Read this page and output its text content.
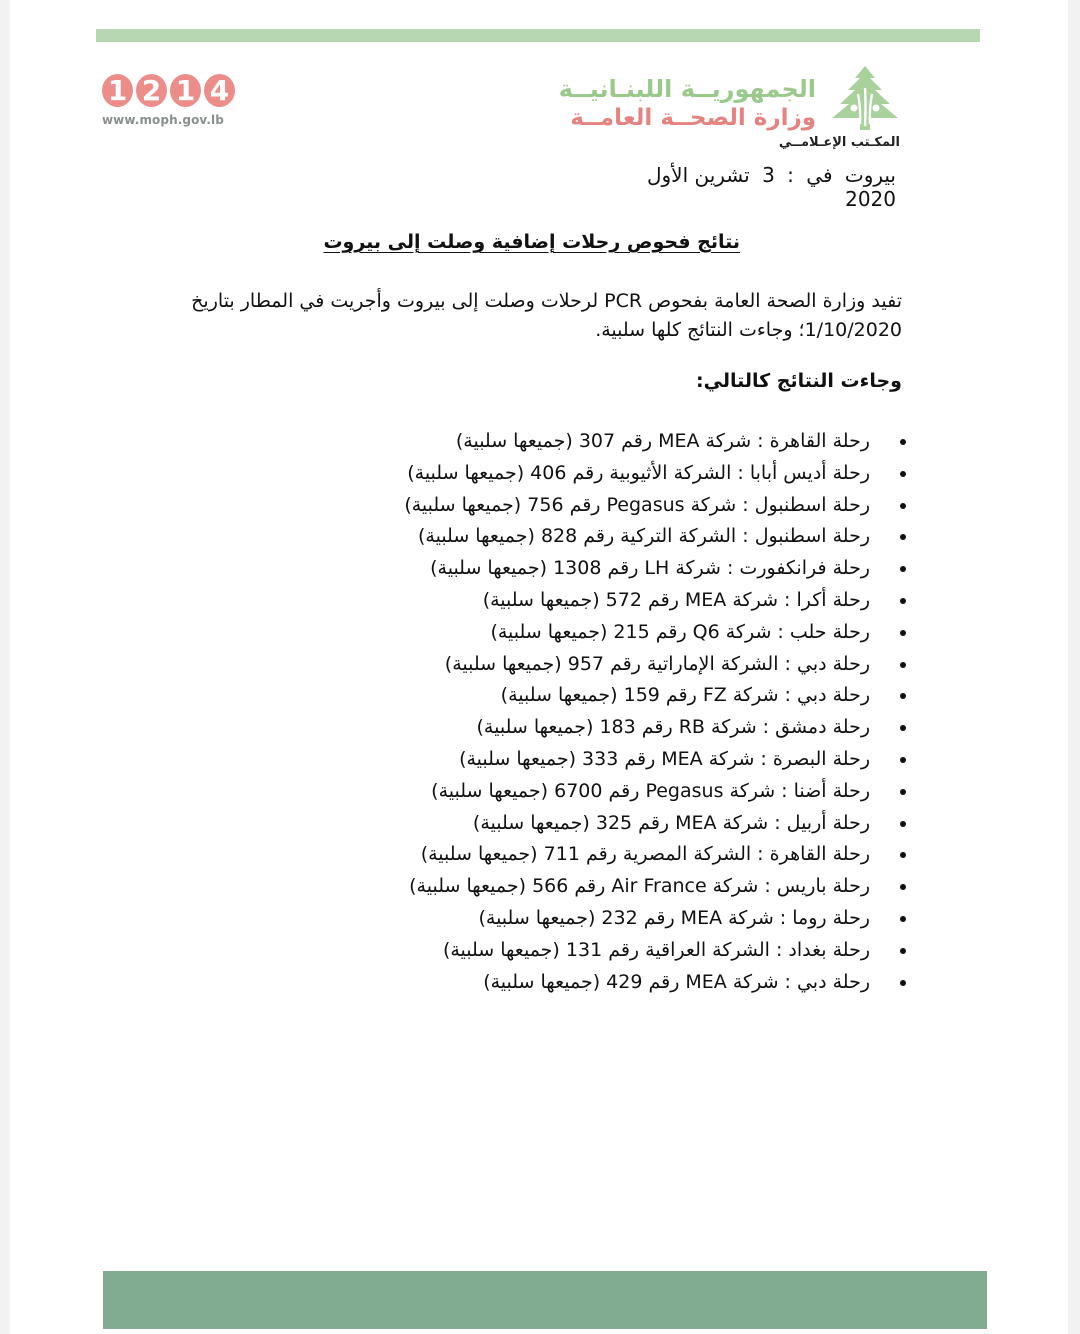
1 2 1 4
www.moph.gov.lb
الجمهوريــة اللبنـانيــة
وزارة الصحــة العامــة
المكـتب الإعـلامــي
بيروت في : 3 تشرين الأول
2020
نتائج فحوص رحلات إضافية وصلت إلى بيروت
تفيد وزارة الصحة العامة بفحوص PCR لرحلات وصلت إلى بيروت وأجريت في المطار بتاريخ
1/10/2020؛ وجاءت النتائج كلها سلبية.
وجاءت النتائج كالتالي:
رحلة القاهرة : شركة MEA رقم 307 (جميعها سلبية)
رحلة أديس أبابا : الشركة الأثيوبية رقم 406 (جميعها سلبية)
رحلة اسطنبول : شركة Pegasus رقم 756 (جميعها سلبية)
رحلة اسطنبول : الشركة التركية رقم 828 (جميعها سلبية)
رحلة فرانكفورت : شركة LH رقم 1308 (جميعها سلبية)
رحلة أكرا : شركة MEA رقم 572 (جميعها سلبية)
رحلة حلب : شركة Q6 رقم 215 (جميعها سلبية)
رحلة دبي : الشركة الإماراتية رقم 957 (جميعها سلبية)
رحلة دبي : شركة FZ رقم 159 (جميعها سلبية)
رحلة دمشق : شركة RB رقم 183 (جميعها سلبية)
رحلة البصرة : شركة MEA رقم 333 (جميعها سلبية)
رحلة أضنا : شركة Pegasus رقم 6700 (جميعها سلبية)
رحلة أربيل : شركة MEA رقم 325 (جميعها سلبية)
رحلة القاهرة : الشركة المصرية رقم 711 (جميعها سلبية)
رحلة باريس : شركة Air France رقم 566 (جميعها سلبية)
رحلة روما : شركة MEA رقم 232 (جميعها سلبية)
رحلة بغداد : الشركة العراقية رقم 131 (جميعها سلبية)
رحلة دبي : شركة MEA رقم 429 (جميعها سلبية)
